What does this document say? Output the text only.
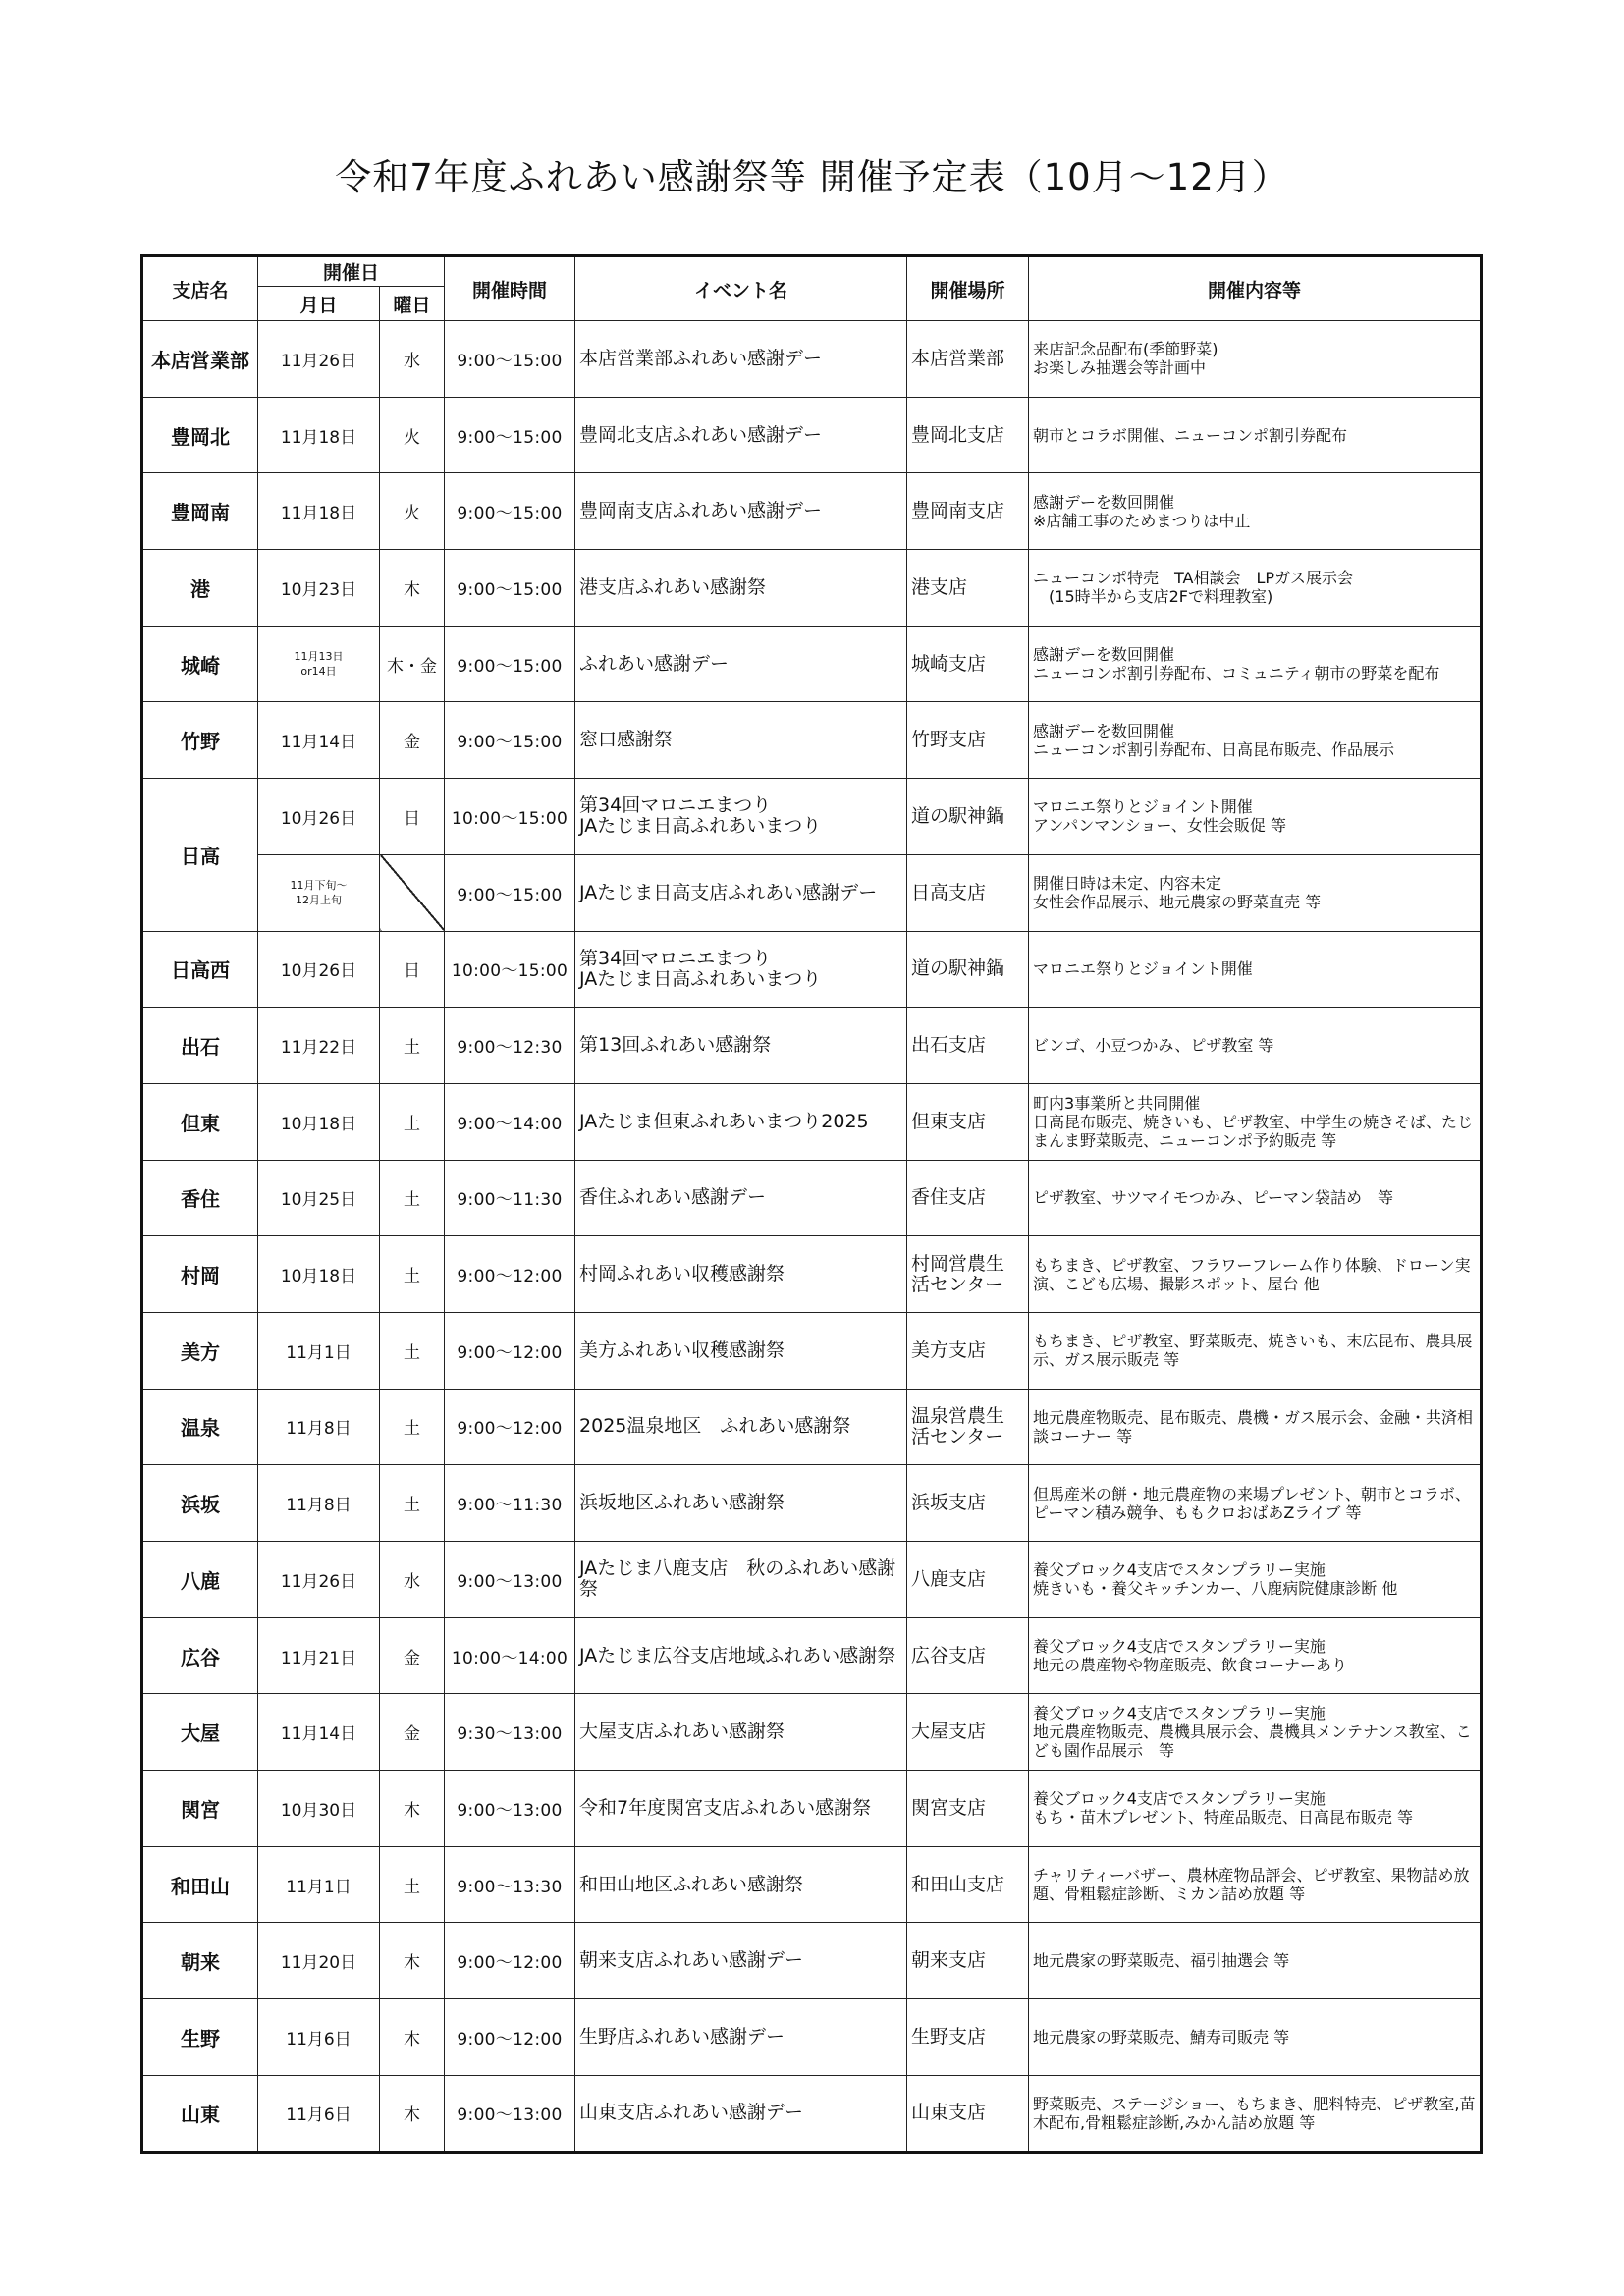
令和7年度ふれあい感謝祭等 開催予定表（10月～12月）
支店名	開催日		開催時間	イベント名	開催場所	開催内容等
	月日	曜日				
本店営業部	11月26日	水	9:00～15:00	本店営業部ふれあい感謝デー	本店営業部	来店記念品配布(季節野菜)
お楽しみ抽選会等計画中
豊岡北	11月18日	火	9:00～15:00	豊岡北支店ふれあい感謝デー	豊岡北支店	朝市とコラボ開催、ニューコンポ割引券配布
豊岡南	11月18日	火	9:00～15:00	豊岡南支店ふれあい感謝デー	豊岡南支店	感謝デーを数回開催
※店舗工事のためまつりは中止
港	10月23日	木	9:00～15:00	港支店ふれあい感謝祭	港支店	ニューコンポ特売　TA相談会　LPガス展示会
　(15時半から支店2Fで料理教室)
城崎	11月13日
or14日	木・金	9:00～15:00	ふれあい感謝デー	城崎支店	感謝デーを数回開催
ニューコンポ割引券配布、コミュニティ朝市の野菜を配布
竹野	11月14日	金	9:00～15:00	窓口感謝祭	竹野支店	感謝デーを数回開催
ニューコンポ割引券配布、日高昆布販売、作品展示
日高	10月26日	日	10:00～15:00	第34回マロニエまつり
JAたじま日高ふれあいまつり	道の駅神鍋	マロニエ祭りとジョイント開催
アンパンマンショー、女性会販促 等
	11月下旬～
12月上旬		9:00～15:00	JAたじま日高支店ふれあい感謝デー	日高支店	開催日時は未定、内容未定
女性会作品展示、地元農家の野菜直売 等
日高西	10月26日	日	10:00～15:00	第34回マロニエまつり
JAたじま日高ふれあいまつり	道の駅神鍋	マロニエ祭りとジョイント開催
出石	11月22日	土	9:00～12:30	第13回ふれあい感謝祭	出石支店	ビンゴ、小豆つかみ、ピザ教室 等
但東	10月18日	土	9:00～14:00	JAたじま但東ふれあいまつり2025	但東支店	町内3事業所と共同開催
日高昆布販売、焼きいも、ピザ教室、中学生の焼きそば、たじまんま野菜販売、ニューコンポ予約販売 等
香住	10月25日	土	9:00～11:30	香住ふれあい感謝デー	香住支店	ピザ教室、サツマイモつかみ、ピーマン袋詰め　等
村岡	10月18日	土	9:00～12:00	村岡ふれあい収穫感謝祭	村岡営農生
活センター	もちまき、ピザ教室、フラワーフレーム作り体験、ドローン実演、こども広場、撮影スポット、屋台 他
美方	11月1日	土	9:00～12:00	美方ふれあい収穫感謝祭	美方支店	もちまき、ピザ教室、野菜販売、焼きいも、末広昆布、農具展示、ガス展示販売 等
温泉	11月8日	土	9:00～12:00	2025温泉地区　ふれあい感謝祭	温泉営農生
活センター	地元農産物販売、昆布販売、農機・ガス展示会、金融・共済相談コーナー 等
浜坂	11月8日	土	9:00～11:30	浜坂地区ふれあい感謝祭	浜坂支店	但馬産米の餅・地元農産物の来場プレゼント、朝市とコラボ、ピーマン積み競争、ももクロおばあZライブ 等
八鹿	11月26日	水	9:00～13:00	JAたじま八鹿支店　秋のふれあい感謝祭	八鹿支店	養父ブロック4支店でスタンプラリー実施
焼きいも・養父キッチンカー、八鹿病院健康診断 他
広谷	11月21日	金	10:00～14:00	JAたじま広谷支店地域ふれあい感謝祭	広谷支店	養父ブロック4支店でスタンプラリー実施
地元の農産物や物産販売、飲食コーナーあり
大屋	11月14日	金	9:30～13:00	大屋支店ふれあい感謝祭	大屋支店	養父ブロック4支店でスタンプラリー実施
地元農産物販売、農機具展示会、農機具メンテナンス教室、こども園作品展示　等
関宮	10月30日	木	9:00～13:00	令和7年度関宮支店ふれあい感謝祭	関宮支店	養父ブロック4支店でスタンプラリー実施
もち・苗木プレゼント、特産品販売、日高昆布販売 等
和田山	11月1日	土	9:00～13:30	和田山地区ふれあい感謝祭	和田山支店	チャリティーバザー、農林産物品評会、ピザ教室、果物詰め放題、骨粗鬆症診断、ミカン詰め放題 等
朝来	11月20日	木	9:00～12:00	朝来支店ふれあい感謝デー	朝来支店	地元農家の野菜販売、福引抽選会 等
生野	11月6日	木	9:00～12:00	生野店ふれあい感謝デー	生野支店	地元農家の野菜販売、鯖寿司販売 等
山東	11月6日	木	9:00～13:00	山東支店ふれあい感謝デー	山東支店	野菜販売、ステージショー、もちまき、肥料特売、ピザ教室,苗木配布,骨粗鬆症診断,みかん詰め放題 等
